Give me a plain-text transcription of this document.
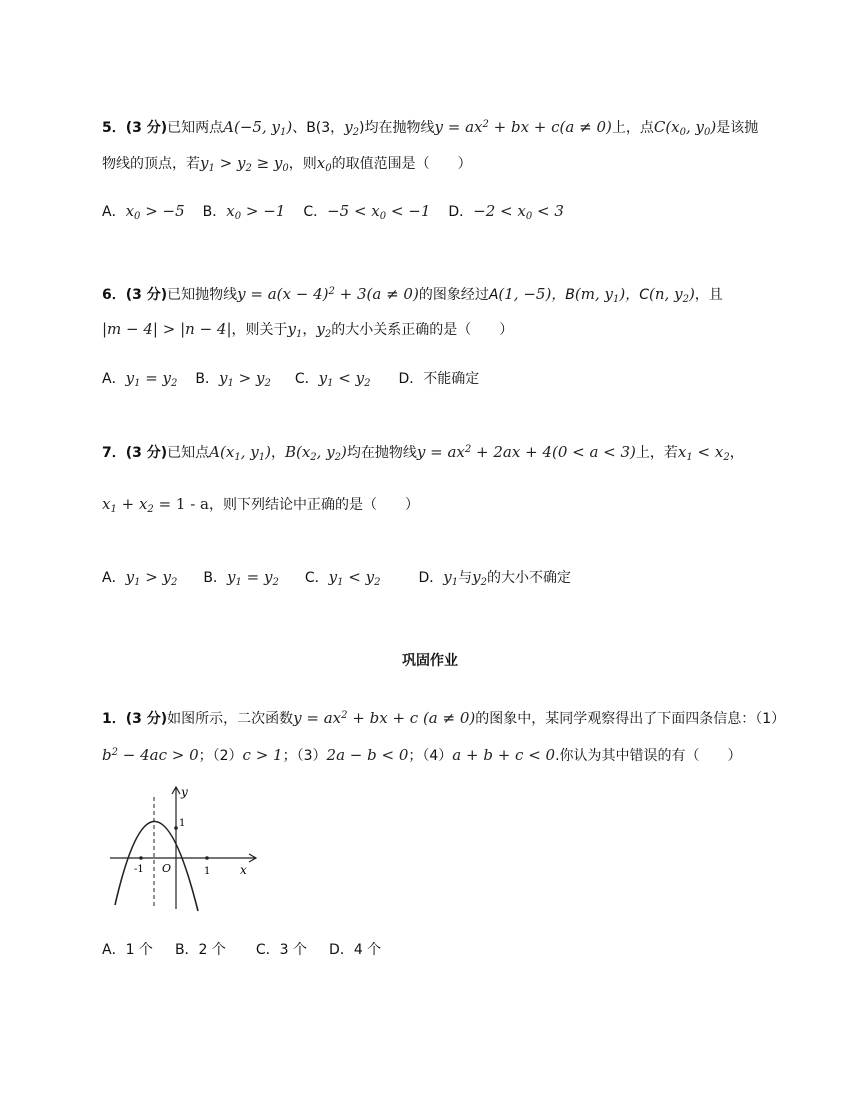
5．(3 分)已知两点A(−5, $y_1$)、B(3，$y_2$)均在抛物线$y = ax^2$ + bx + c(a ≠ 0)上，点$C(x_0$, $y_0$)是该抛
物线的顶点，若$y_1 > y_2 \ge y_0$，则$x_0$的取值范围是（　　）
A．$x_0 > -5$ B．$x_0 > -1$ C．$-5 < x_0 < -1$ D．$-2 < x_0 < 3$
6．(3 分)已知抛物线$y = a(x - 4)^2 + 3(a \ne 0)$的图象经过A(1, −5)，B(m, $y_1$)，C(n, $y_2$)，且
|m − 4| > |n − 4|，则关于$y_1$，$y_2$的大小关系正确的是（　　）
A．$y_1 = y_2$ B．$y_1 > y_2$ C．$y_1 < y_2$ D．不能确定
7．(3 分)已知点$A(x_1$, $y_1$)，$B(x_2$, $y_2$)均在抛物线$y = ax^2 + 2ax + 4(0 < a < 3)$上，若$x_1 < x_2$，
$x_1 + x_2 = 1 - a$，则下列结论中正确的是（　　）
A．$y_1 > y_2$ B．$y_1 = y_2$ C．$y_1 < y_2$	D．$y_1$与$y_2$的大小不确定
巩固作业
1．(3 分)如图所示，二次函数$y = ax^2$ + bx + c (a ≠ 0)的图象中，某同学观察得出了下面四条信息：（1）
$b^2 - 4ac > 0$；（2）c > 1；（3）2a − b < 0；（4）a + b + c < 0.你认为其中错误的有（　　）
y
x
1
-1 O	1
A．1 个 B．2 个 C．3 个 D．4 个
